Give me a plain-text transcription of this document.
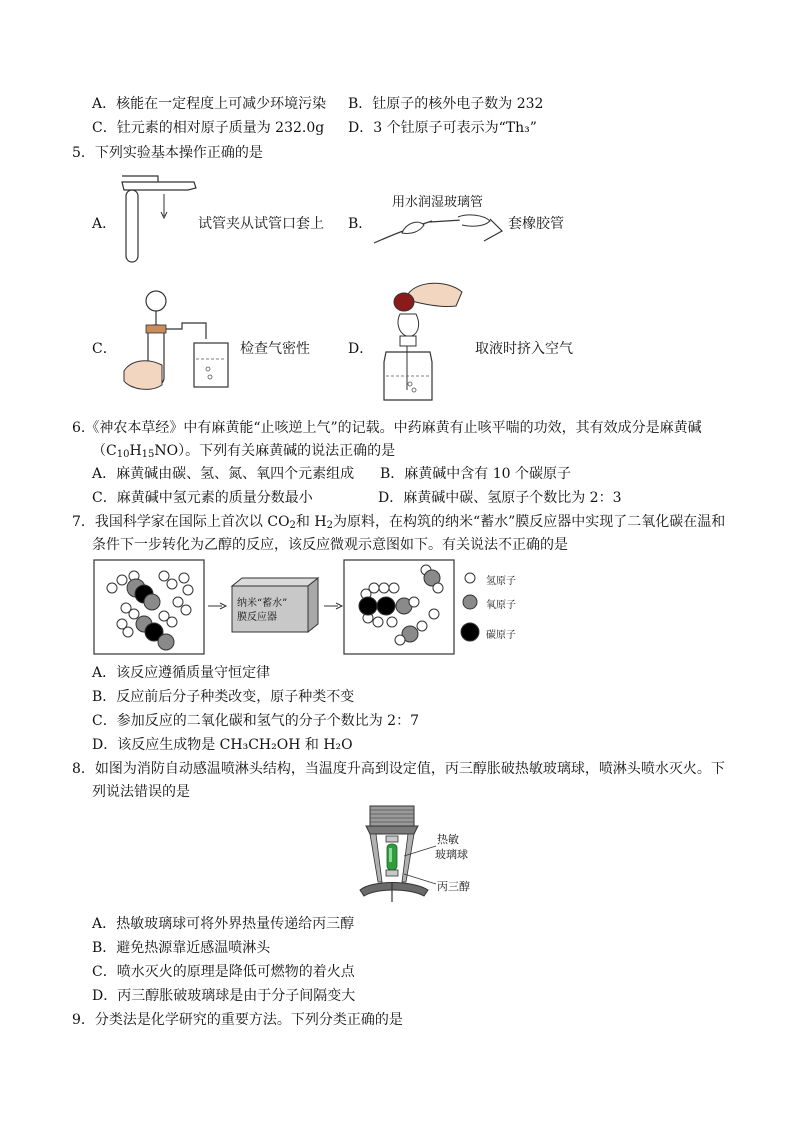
A．核能在一定程度上可减少环境污染 B．钍原子的核外电子数为 232
C．钍元素的相对原子质量为 232.0g D．3 个钍原子可表示为“Th₃”
5．下列实验基本操作正确的是
A．	试管夹从试管口套上 B．
用水润湿玻璃管
套橡胶管
C．	检查气密性	D．	取液时挤入空气
6.《神农本草经》中有麻黄能“止咳逆上气”的记载。中药麻黄有止咳平喘的功效，其有效成分是麻黄碱
$(C_{10}H_{15}NO)$。下列有关麻黄碱的说法正确的是
A．麻黄碱由碳、氢、氮、氧四个元素组成 B．麻黄碱中含有 10 个碳原子
C．麻黄碱中氢元素的质量分数最小	D．麻黄碱中碳、氢原子个数比为 2：3
7．我国科学家在国际上首次以 $CO_2$和 $H_2$为原料，在构筑的纳米“蓄水”膜反应器中实现了二氧化碳在温和
条件下一步转化为乙醇的反应，该反应微观示意图如下。有关说法不正确的是
纳米“蓄水”
膜反应器
氢原子
氧原子
碳原子
A．该反应遵循质量守恒定律
B．反应前后分子种类改变，原子种类不变
C．参加反应的二氧化碳和氢气的分子个数比为 2：7
D．该反应生成物是 CH₃CH₂OH 和 H₂O
8．如图为消防自动感温喷淋头结构，当温度升高到设定值，丙三醇胀破热敏玻璃球，喷淋头喷水灭火。下
列说法错误的是
热敏
玻璃球
丙三醇
A．热敏玻璃球可将外界热量传递给丙三醇
B．避免热源靠近感温喷淋头
C．喷水灭火的原理是降低可燃物的着火点
D．丙三醇胀破玻璃球是由于分子间隔变大
9．分类法是化学研究的重要方法。下列分类正确的是
